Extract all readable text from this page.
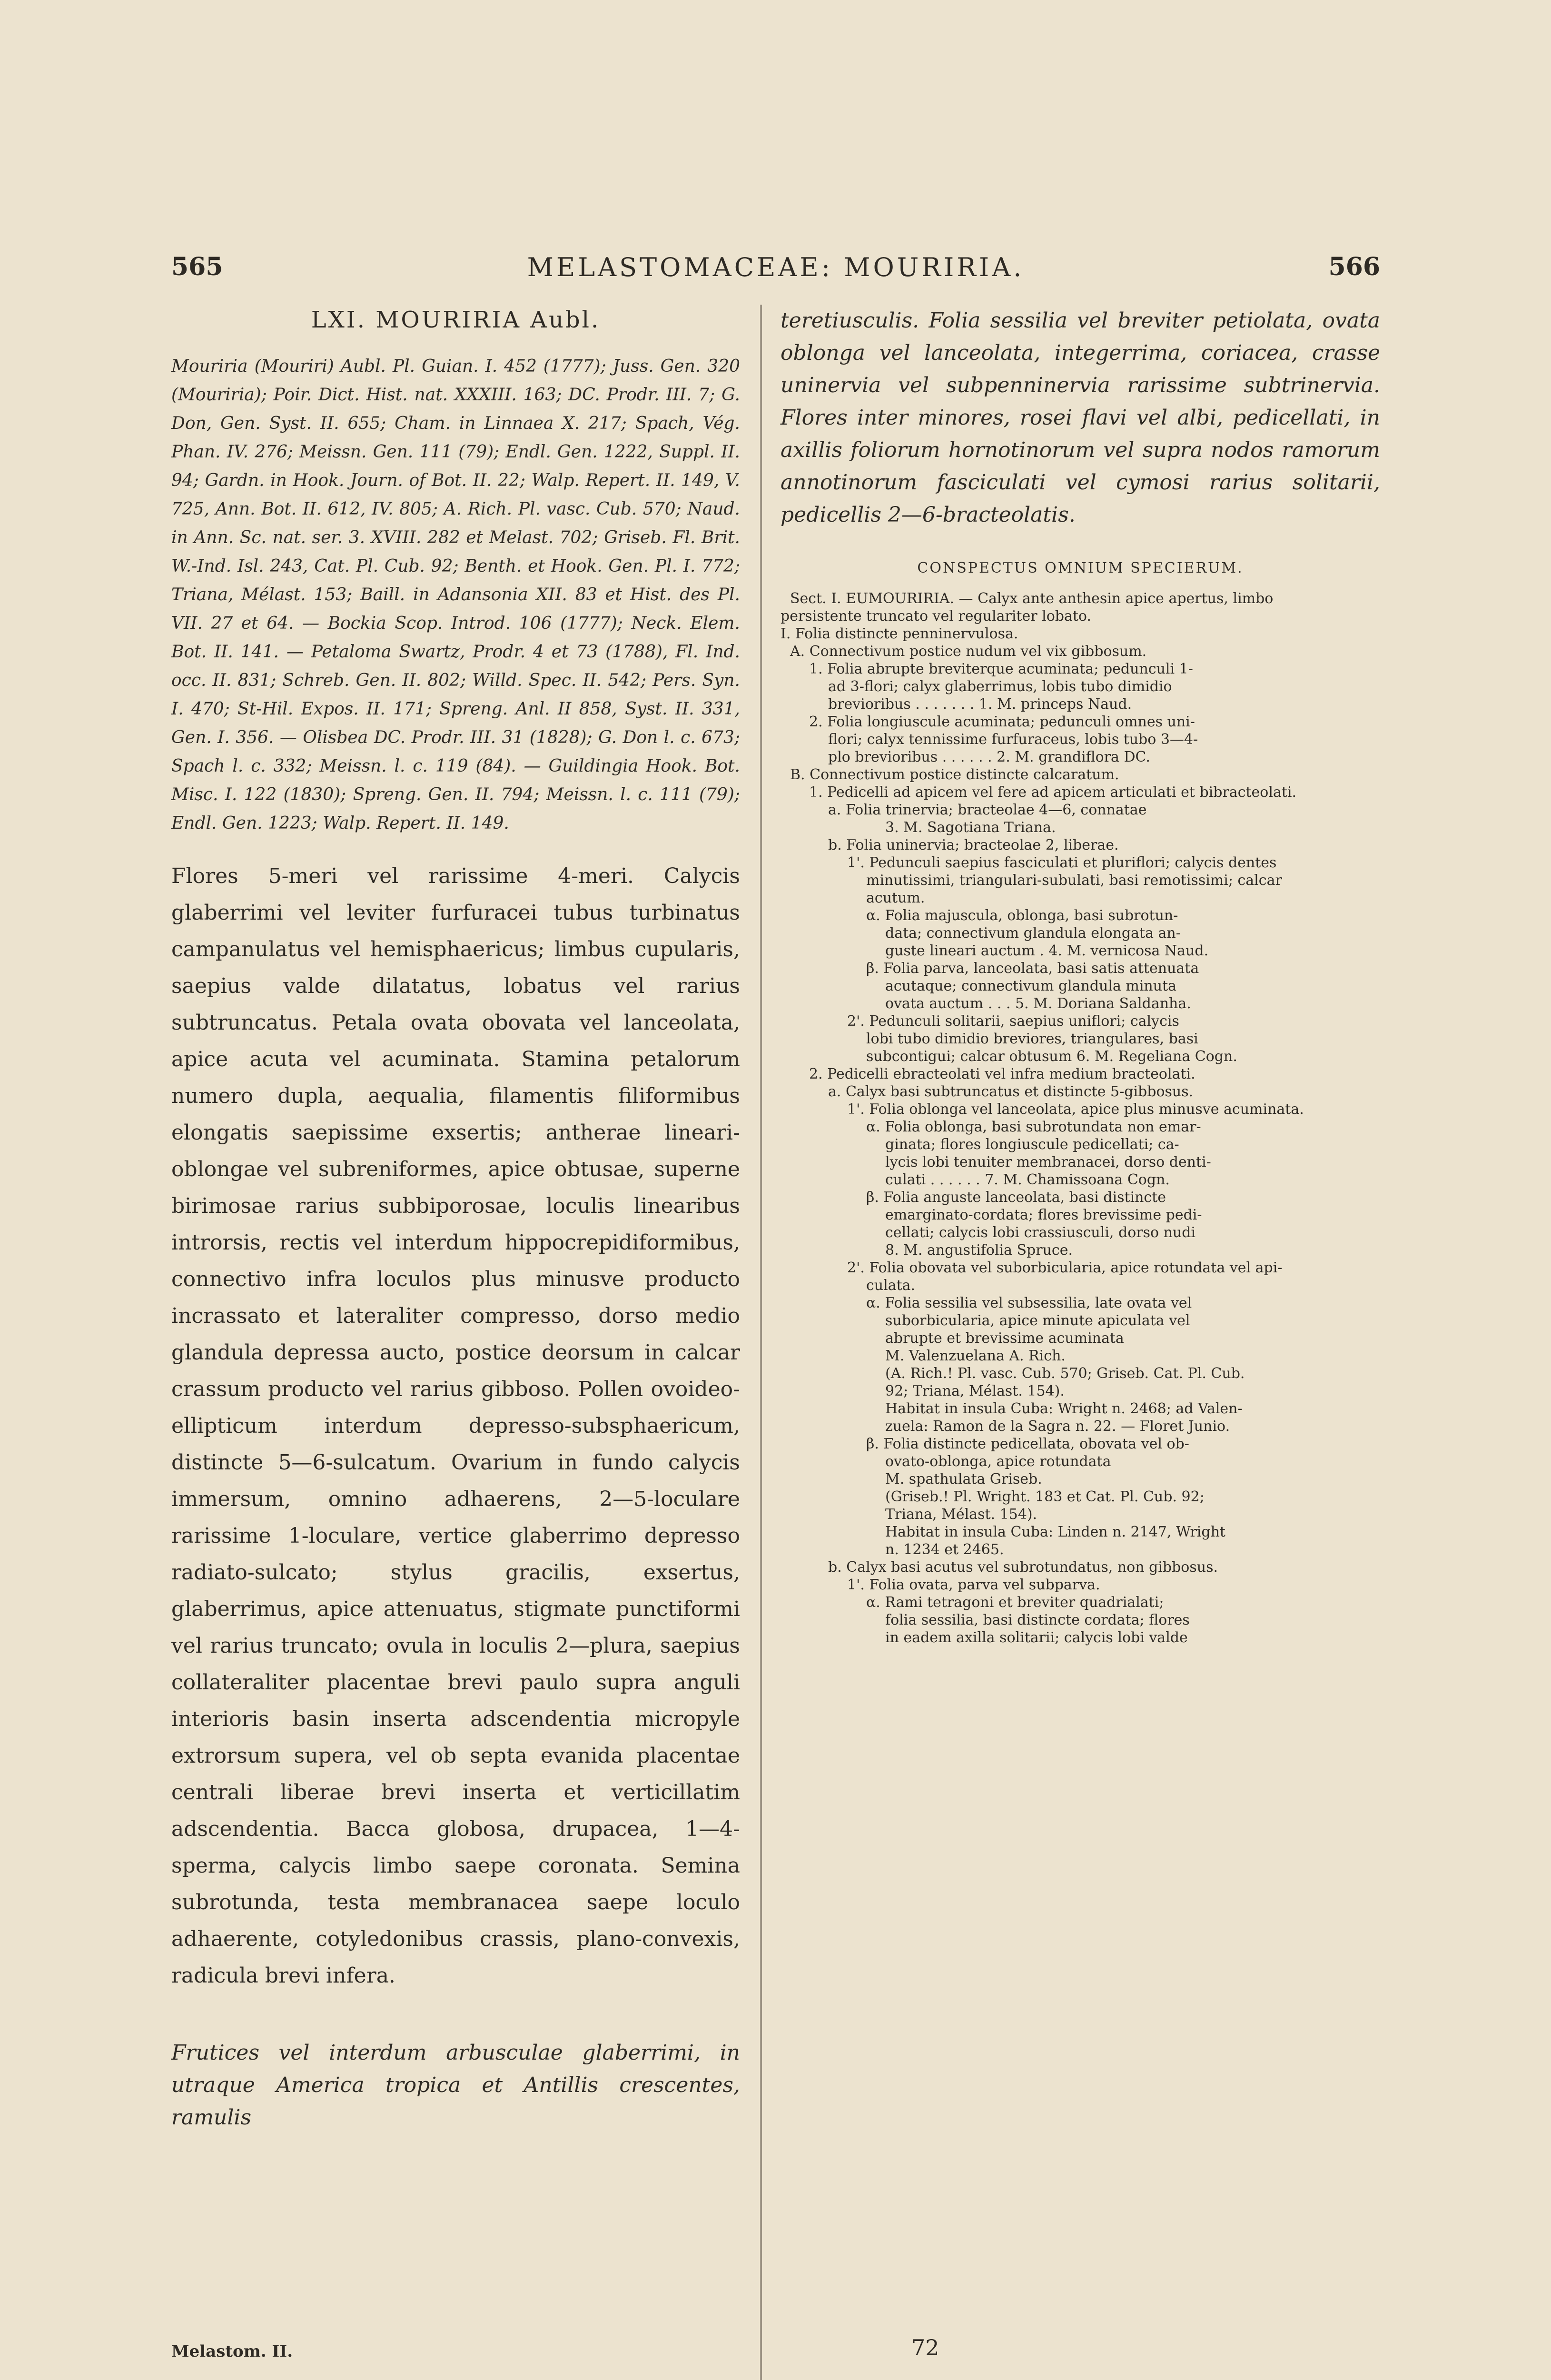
MELASTOMACEAE: MOURIRIA.
565	566
LXI. MOURIRIA Aubl.

Mouriria (Mouriri) Aubl. Pl. Guian. I. 452 (1777); Juss. Gen. 320 (Mouriria); Poir. Dict. Hist. nat. XXXIII. 163; DC. Prodr. III. 7; G. Don, Gen. Syst. II. 655; Cham. in Linnaea X. 217; Spach, Vég. Phan. IV. 276; Meissn. Gen. 111 (79); Endl. Gen. 1222, Suppl. II. 94; Gardn. in Hook. Journ. of Bot. II. 22; Walp. Repert. II. 149, V. 725, Ann. Bot. II. 612, IV. 805; A. Rich. Pl. vasc. Cub. 570; Naud. in Ann. Sc. nat. ser. 3. XVIII. 282 et Melast. 702; Griseb. Fl. Brit. W.-Ind. Isl. 243, Cat. Pl. Cub. 92; Benth. et Hook. Gen. Pl. I. 772; Triana, Mélast. 153; Baill. in Adansonia XII. 83 et Hist. des Pl. VII. 27 et 64. — Bockia Scop. Introd. 106 (1777); Neck. Elem. Bot. II. 141. — Petaloma Swartz, Prodr. 4 et 73 (1788), Fl. Ind. occ. II. 831; Schreb. Gen. II. 802; Willd. Spec. II. 542; Pers. Syn. I. 470; St-Hil. Expos. II. 171; Spreng. Anl. II 858, Syst. II. 331, Gen. I. 356. — Olisbea DC. Prodr. III. 31 (1828); G. Don l. c. 673; Spach l. c. 332; Meissn. l. c. 119 (84). — Guildingia Hook. Bot. Misc. I. 122 (1830); Spreng. Gen. II. 794; Meissn. l. c. 111 (79); Endl. Gen. 1223; Walp. Repert. II. 149.

Flores 5-meri vel rarissime 4-meri. Calycis glaberrimi vel leviter furfuracei tubus turbinatus campanulatus vel hemisphaericus; limbus cupularis, saepius valde dilatatus, lobatus vel rarius subtruncatus. Petala ovata obovata vel lanceolata, apice acuta vel acuminata. Stamina petalorum numero dupla, aequalia, filamentis filiformibus elongatis saepissime exsertis; antherae lineari-oblongae vel subreniformes, apice obtusae, superne birimosae rarius subbiporosae, loculis linearibus introrsis, rectis vel interdum hippocrepidiformibus, connectivo infra loculos plus minusve producto incrassato et lateraliter compresso, dorso medio glandula depressa aucto, postice deorsum in calcar crassum producto vel rarius gibboso. Pollen ovoideo-ellipticum interdum depresso-subsphaericum, distincte 5—6-sulcatum. Ovarium in fundo calycis immersum, omnino adhaerens, 2—5-loculare rarissime 1-loculare, vertice glaberrimo depresso radiato-sulcato; stylus gracilis, exsertus, glaberrimus, apice attenuatus, stigmate punctiformi vel rarius truncato; ovula in loculis 2—plura, saepius collateraliter placentae brevi paulo supra anguli interioris basin inserta adscendentia micropyle extrorsum supera, vel ob septa evanida placentae centrali liberae brevi inserta et verticillatim adscendentia. Bacca globosa, drupacea, 1—4-sperma, calycis limbo saepe coronata. Semina subrotunda, testa membranacea saepe loculo adhaerente, cotyledonibus crassis, plano-convexis, radicula brevi infera.

Frutices vel interdum arbusculae glaberrimi, in utraque America tropica et Antillis crescentes, ramulis

teretiusculis. Folia sessilia vel breviter petiolata, ovata oblonga vel lanceolata, integerrima, coriacea, crasse uninervia vel subpenninervia rarissime subtrinervia. Flores inter minores, rosei flavi vel albi, pedicellati, in axillis foliorum hornotinorum vel supra nodos ramorum annotinorum fasciculati vel cymosi rarius solitarii, pedicellis 2—6-bracteolatis.

CONSPECTUS OMNIUM SPECIERUM.
Sect. I. EUMOURIRIA. — Calyx ante anthesin apice apertus, limbo
persistente truncato vel regulariter lobato.
I. Folia distincte penninervulosa.
A. Connectivum postice nudum vel vix gibbosum.
1. Folia abrupte breviterque acuminata; pedunculi 1-
ad 3-flori; calyx glaberrimus, lobis tubo dimidio
brevioribus . . . . . . . 1. M. princeps Naud.
2. Folia longiuscule acuminata; pedunculi omnes uni-
flori; calyx tennissime furfuraceus, lobis tubo 3—4-
plo brevioribus . . . . . . 2. M. grandiflora DC.
B. Connectivum postice distincte calcaratum.
1. Pedicelli ad apicem vel fere ad apicem articulati et bibracteolati.
a. Folia trinervia; bracteolae 4—6, connatae
3. M. Sagotiana Triana.
b. Folia uninervia; bracteolae 2, liberae.
1'. Pedunculi saepius fasciculati et pluriflori; calycis dentes
minutissimi, triangulari-subulati, basi remotissimi; calcar
acutum.
α. Folia majuscula, oblonga, basi subrotun-
data; connectivum glandula elongata an-
guste lineari auctum . 4. M. vernicosa Naud.
β. Folia parva, lanceolata, basi satis attenuata
acutaque; connectivum glandula minuta
ovata auctum . . . 5. M. Doriana Saldanha.
2'. Pedunculi solitarii, saepius uniflori; calycis
lobi tubo dimidio breviores, triangulares, basi
subcontigui; calcar obtusum 6. M. Regeliana Cogn.
2. Pedicelli ebracteolati vel infra medium bracteolati.
a. Calyx basi subtruncatus et distincte 5-gibbosus.
1'. Folia oblonga vel lanceolata, apice plus minusve acuminata.
α. Folia oblonga, basi subrotundata non emar-
ginata; flores longiuscule pedicellati; ca-
lycis lobi tenuiter membranacei, dorso denti-
culati . . . . . . 7. M. Chamissoana Cogn.
β. Folia anguste lanceolata, basi distincte
emarginato-cordata; flores brevissime pedi-
cellati; calycis lobi crassiusculi, dorso nudi
8. M. angustifolia Spruce.
2'. Folia obovata vel suborbicularia, apice rotundata vel api-
culata.
α. Folia sessilia vel subsessilia, late ovata vel
suborbicularia, apice minute apiculata vel
abrupte et brevissime acuminata
M. Valenzuelana A. Rich.
(A. Rich.! Pl. vasc. Cub. 570; Griseb. Cat. Pl. Cub.
92; Triana, Mélast. 154).
Habitat in insula Cuba: Wright n. 2468; ad Valen-
zuela: Ramon de la Sagra n. 22. — Floret Junio.
β. Folia distincte pedicellata, obovata vel ob-
ovato-oblonga, apice rotundata
M. spathulata Griseb.
(Griseb.! Pl. Wright. 183 et Cat. Pl. Cub. 92;
Triana, Mélast. 154).
Habitat in insula Cuba: Linden n. 2147, Wright
n. 1234 et 2465.
b. Calyx basi acutus vel subrotundatus, non gibbosus.
1'. Folia ovata, parva vel subparva.
α. Rami tetragoni et breviter quadrialati;
folia sessilia, basi distincte cordata; flores
in eadem axilla solitarii; calycis lobi valde
Melastom. II.	72
